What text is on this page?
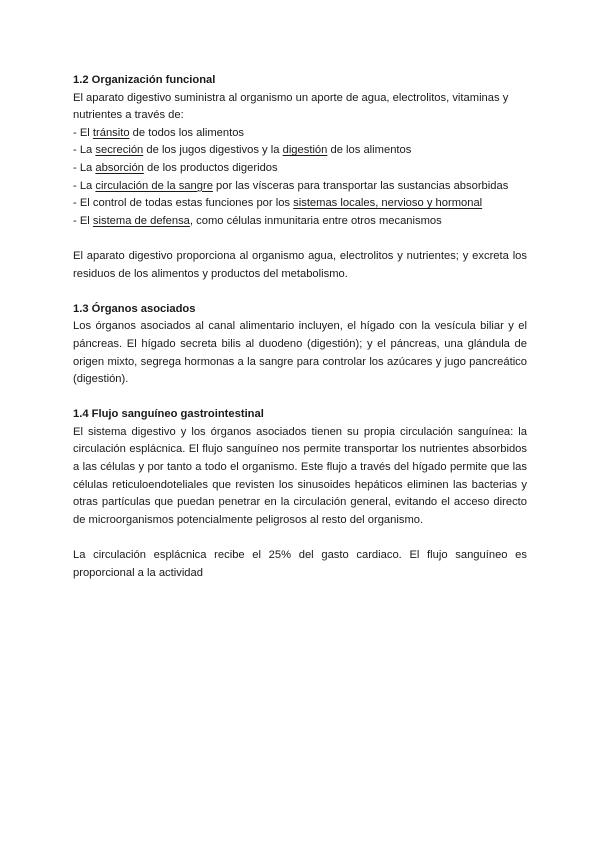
1.2 Organización funcional

El aparato digestivo suministra al organismo un aporte de agua, electrolitos, vitaminas y nutrientes a través de:

- El tránsito de todos los alimentos
- La secreción de los jugos digestivos y la digestión de los alimentos
- La absorción de los productos digeridos
- La circulación de la sangre por las vísceras para transportar las sustancias absorbidas
- El control de todas estas funciones por los sistemas locales, nervioso y hormonal
- El sistema de defensa, como células inmunitaria entre otros mecanismos

El aparato digestivo proporciona al organismo agua, electrolitos y nutrientes; y excreta los residuos de los alimentos y productos del metabolismo.

1.3 Órganos asociados

Los órganos asociados al canal alimentario incluyen, el hígado con la vesícula biliar y el páncreas. El hígado secreta bilis al duodeno (digestión); y el páncreas, una glándula de origen mixto, segrega hormonas a la sangre para controlar los azúcares y jugo pancreático (digestión).

1.4 Flujo sanguíneo gastrointestinal

El sistema digestivo y los órganos asociados tienen su propia circulación sanguínea: la circulación esplácnica. El flujo sanguíneo nos permite transportar los nutrientes absorbidos a las células y por tanto a todo el organismo. Este flujo a través del hígado permite que las células reticuloendoteliales que revisten los sinusoides hepáticos eliminen las bacterias y otras partículas que puedan penetrar en la circulación general, evitando el acceso directo de microorganismos potencialmente peligrosos al resto del organismo.

La circulación esplácnica recibe el 25% del gasto cardiaco. El flujo sanguíneo es proporcional a la actividad
